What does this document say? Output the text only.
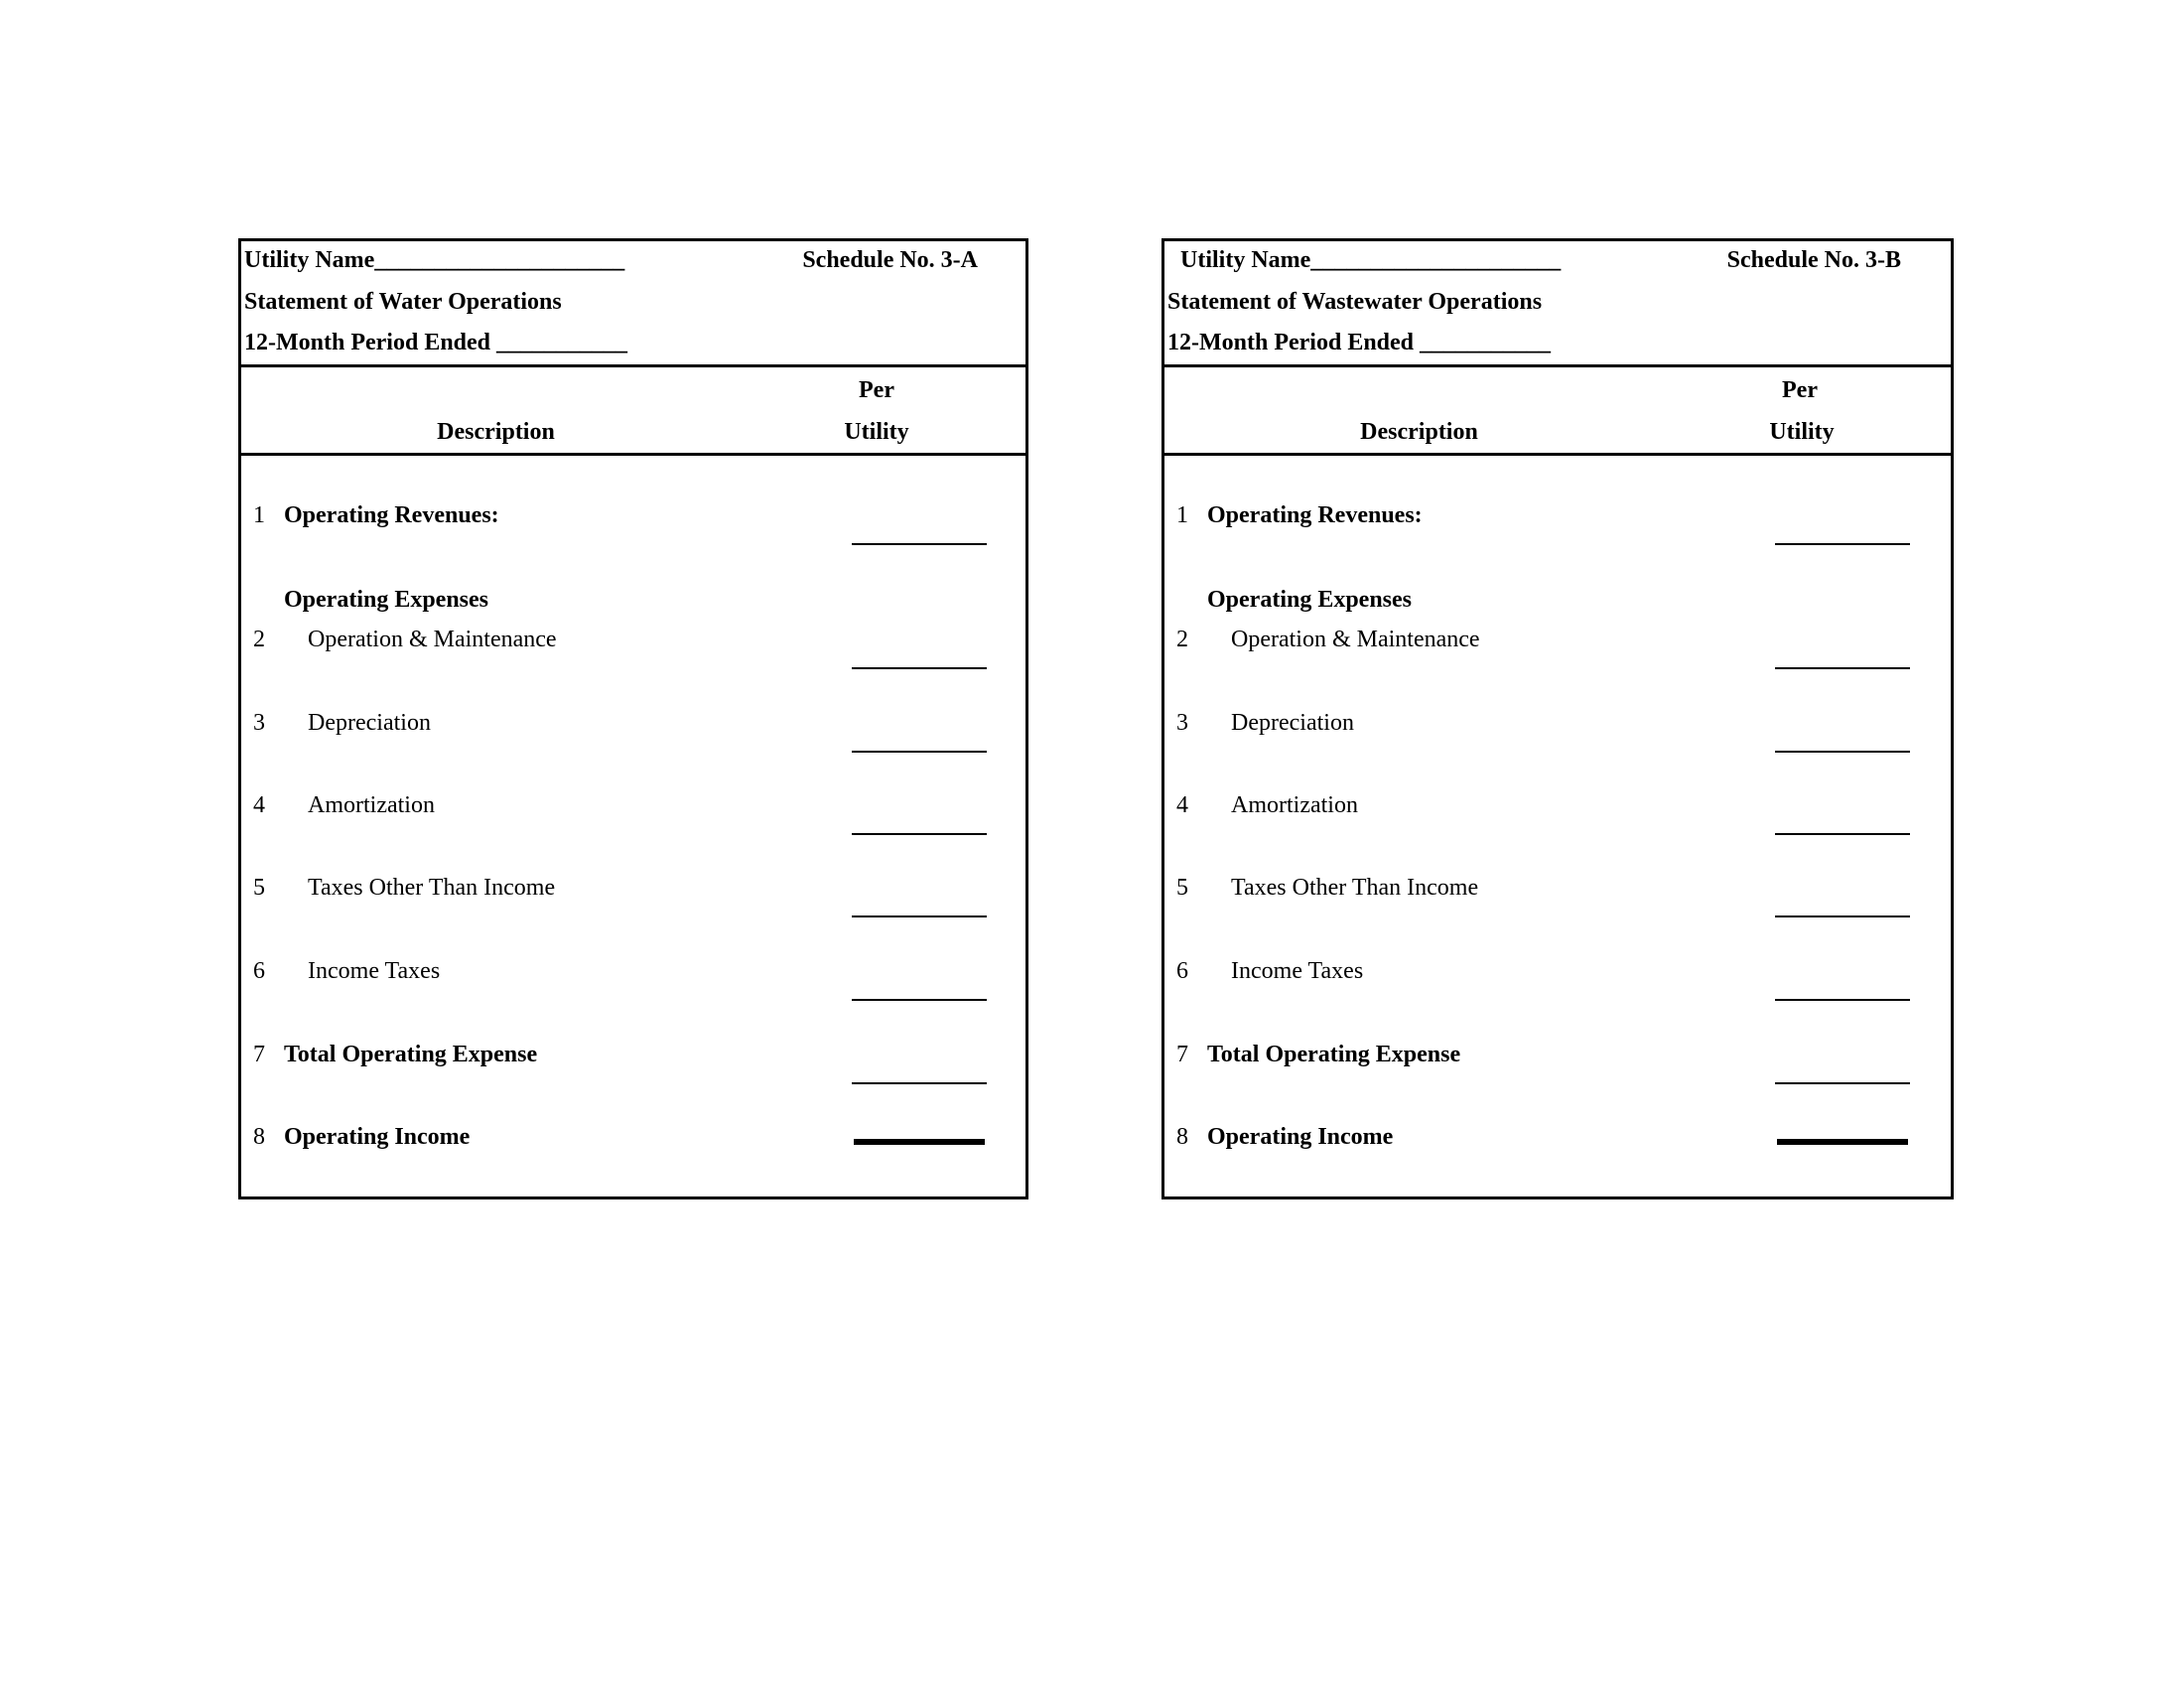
Utility Name_____________________	Schedule No. 3-A
Statement of Water Operations
12-Month Period Ended ___________
Description
Per
Utility
1 Operating Revenues:
Operating Expenses
2 Operation & Maintenance
3 Depreciation
4 Amortization
5 Taxes Other Than Income
6 Income Taxes
7 Total Operating Expense
8 Operating Income
Utility Name_____________________	Schedule No. 3-B
Statement of Wastewater Operations
12-Month Period Ended ___________
Description
Per
Utility
1 Operating Revenues:
Operating Expenses
2 Operation & Maintenance
3 Depreciation
4 Amortization
5 Taxes Other Than Income
6 Income Taxes
7 Total Operating Expense
8 Operating Income
